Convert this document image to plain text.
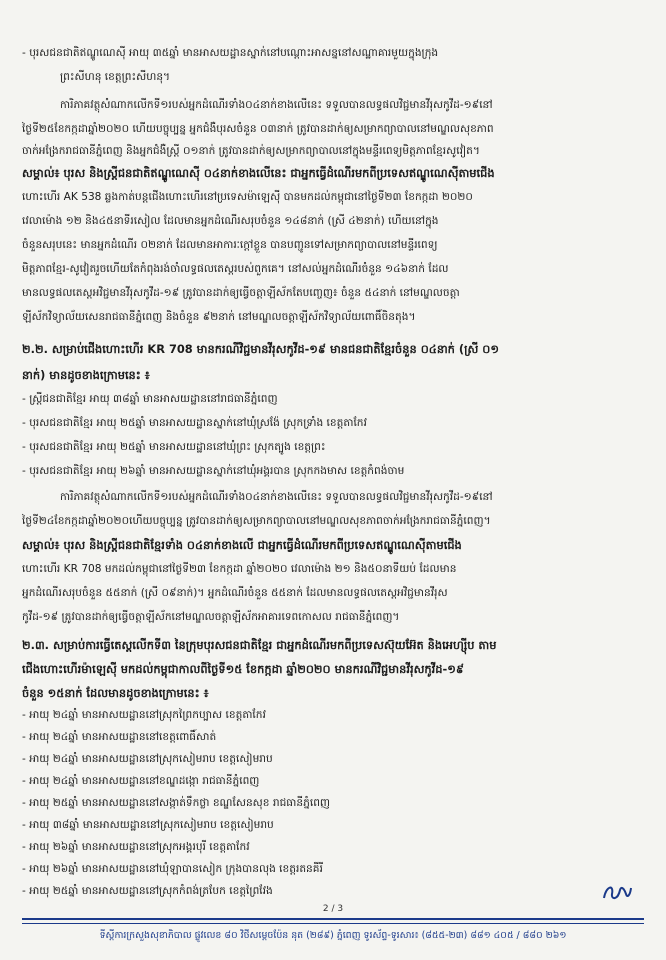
- បុរសជនជាតិឥណ្ឌូណេស៊ី អាយុ ៣៥ឆ្នាំ មានអាសយដ្ឋានស្នាក់នៅបណ្ដោះអាសន្ននៅសណ្ឋាគារមួយក្នុងក្រុង
ព្រះសីហនុ ខេត្តព្រះសីហនុ។
ការិភាគវត្ថុសំណាកលើកទី១របស់អ្នកដំណើរទាំង០៤នាក់ខាងលើនេះ ទទួលបានលទ្ធផលវិជ្ជមានវីរុសកូវីដ-១៩នៅ
ថ្ងៃទី២៥ខែកក្កដាឆ្នាំ២០២០ ហើយបច្ចុប្បន្ន អ្នកជំងឺបុរសចំនួន ០៣នាក់ ត្រូវបានដាក់ឲ្យសម្រាកព្យាបាលនៅមណ្ឌលសុខភាព
ចាក់អង្រែករាជធានីភ្នំពេញ និងអ្នកជំងឺស្ត្រី ០១នាក់ ត្រូវបានដាក់ឲ្យសម្រាកព្យាបាលនៅក្នុងមន្ទីរពេទ្យមិត្តភាពខ្មែរសូវៀត។
សម្គាល់៖ បុរស និងស្ត្រីជនជាតិឥណ្ឌូណេស៊ី ០៤នាក់ខាងលើនេះ ជាអ្នកធ្វើដំណើរមកពីប្រទេសឥណ្ឌូណេស៊ីតាមជើង
ហោះហើរ AK 538 ឆ្លងកាត់បន្តជើងហោះហើរនៅប្រទេសម៉ាឡេស៊ី បានមកដល់កម្ពុជានៅថ្ងៃទី២៣ ខែកក្កដា ២០២០
វេលាម៉ោង ១២ និង៤៥នាទីរសៀល ដែលមានអ្នកដំណើរសរុបចំនួន ១៤៨នាក់ (ស្រី ៤២នាក់) ហើយនៅក្នុង
ចំនួនសរុបនេះ មានអ្នកដំណើរ ០២នាក់ ដែលមានអាការៈក្តៅខ្លួន បានបញ្ជូនទៅសម្រាកព្យាបាលនៅមន្ទីរពេទ្យ
មិត្តភាពខ្មែរ-សូវៀតរួចហើយតែកំពុងរង់ចាំលទ្ធផលតេស្តរបស់ពួកគេ។ នៅសល់អ្នកដំណើរចំនួន ១៤៦នាក់ ដែល
មានលទ្ធផលតេស្តអវិជ្ជមានវីរុសកូវីដ-១៩ ត្រូវបានដាក់ឲ្យធ្វើចត្តាឡីស័កតែបញ្ចេញ៖ ចំនួន ៥៤នាក់ នៅមណ្ឌលចត្តា
ឡីស័កវិទ្យាល័យសេនរាជធានីភ្នំពេញ និងចំនួន ៩២នាក់ នៅមណ្ឌលចត្តាឡីស័កវិទ្យាល័យពោធិ៍ចិនតុង។
២.២. សម្រាប់ជើងហោះហើរ KR 708 មានករណីវិជ្ជមានវីរុសកូវីដ-១៩ មានជនជាតិខ្មែរចំនួន ០៤នាក់ (ស្រី ០១
នាក់) មានដូចខាងក្រោមនេះ ៖
- ស្ត្រីជនជាតិខ្មែរ អាយុ ៣៨ឆ្នាំ មានអាសយដ្ឋាននៅរាជធានីភ្នំពេញ
- បុរសជនជាតិខ្មែរ អាយុ ២៥ឆ្នាំ មានអាសយដ្ឋានស្នាក់នៅឃុំស្រង៉ែ ស្រុកទ្រាំង ខេត្តតាកែវ
- បុរសជនជាតិខ្មែរ អាយុ ២៥ឆ្នាំ មានអាសយដ្ឋាននៅឃុំព្រះ ស្រុកត្បូង ខេត្តព្រះ
- បុរសជនជាតិខ្មែរ អាយុ ២៦ឆ្នាំ មានអាសយដ្ឋានស្នាក់នៅឃុំអង្គរបាន ស្រុកកងមាស ខេត្តកំពង់ចាម
ការិភាគវត្ថុសំណាកលើកទី១របស់អ្នកដំណើរទាំង០៤នាក់ខាងលើនេះ ទទួលបានលទ្ធផលវិជ្ជមានវីរុសកូវីដ-១៩នៅ
ថ្ងៃទី២៤ខែកក្កដាឆ្នាំ២០២០ហើយបច្ចុប្បន្ន ត្រូវបានដាក់ឲ្យសម្រាកព្យាបាលនៅមណ្ឌលសុខភាពចាក់អង្រែករាជធានីភ្នំពេញ។
សម្គាល់៖ បុរស និងស្ត្រីជនជាតិខ្មែរទាំង ០៤នាក់ខាងលើ ជាអ្នកធ្វើដំណើរមកពីប្រទេសឥណ្ឌូណេស៊ីតាមជើង
ហោះហើរ KR 708 មកដល់កម្ពុជានៅថ្ងៃទី២៣ ខែកក្កដា ឆ្នាំ២០២០ វេលាម៉ោង ២១ និង៥០នាទីយប់ ដែលមាន
អ្នកដំណើរសរុបចំនួន ៥៥នាក់ (ស្រី ០៩នាក់)។ អ្នកដំណើរចំនួន ៥៥នាក់ ដែលមានលទ្ធផលតេស្តអវិជ្ជមានវីរុស
កូវីដ-១៩ ត្រូវបានដាក់ឲ្យធ្វើចត្តាឡីស័កនៅមណ្ឌលចត្តាឡីស័កអាគារទេពកោសល រាជធានីភ្នំពេញ។
២.៣. សម្រាប់ការធ្វើតេស្តលើកទី៣ នៃក្រុមបុរសជនជាតិខ្មែរ ជាអ្នកដំណើរមកពីប្រទេសស៊ុយអ៊ែត និងអេហ្ស៊ីប តាម
ជើងហោះហើរម៉ាឡេស៊ី មកដល់កម្ពុជាកាលពីថ្ងៃទី១៥ ខែកក្កដា ឆ្នាំ២០២០ មានករណីវិជ្ជមានវីរុសកូវីដ-១៩
ចំនួន ១៥នាក់ ដែលមានដូចខាងក្រោមនេះ ៖
- អាយុ ២៤ឆ្នាំ មានអាសយដ្ឋាននៅស្រុកព្រៃកប្បាស ខេត្តតាកែវ
- អាយុ ២៤ឆ្នាំ មានអាសយដ្ឋាននៅខេត្តពោធិ៍សាត់
- អាយុ ២៤ឆ្នាំ មានអាសយដ្ឋាននៅស្រុកសៀមរាប ខេត្តសៀមរាប
- អាយុ ២៤ឆ្នាំ មានអាសយដ្ឋាននៅខណ្ឌដង្កោ រាជធានីភ្នំពេញ
- អាយុ ២៥ឆ្នាំ មានអាសយដ្ឋាននៅសង្កាត់ទឹកថ្លា ខណ្ឌសែនសុខ រាជធានីភ្នំពេញ
- អាយុ ៣៨ឆ្នាំ មានអាសយដ្ឋាននៅស្រុកសៀមរាប ខេត្តសៀមរាប
- អាយុ ២៦ឆ្នាំ មានអាសយដ្ឋាននៅស្រុកអង្គរបុរី ខេត្តតាកែវ
- អាយុ ២៦ឆ្នាំ មានអាសយដ្ឋាននៅឃុំឡាបានសៀក ក្រុងបានលុង ខេត្តរតនគីរី
- អាយុ ២៥ឆ្នាំ មានអាសយដ្ឋាននៅស្រុកកំពង់ត្របែក ខេត្តព្រៃវែង
2 / 3
ទីស្តីការក្រសួងសុខាភិបាល ផ្លូវលេខ ៨០ វិថីសម្តេចប៉ែន នុត (២៨៩) ភ្នំពេញ ទូរស័ព្ទ-ទូរសារ៖ (៨៥៥-២៣) ៨៨១ ៤០៥ / ៨៨០ ២៦១
